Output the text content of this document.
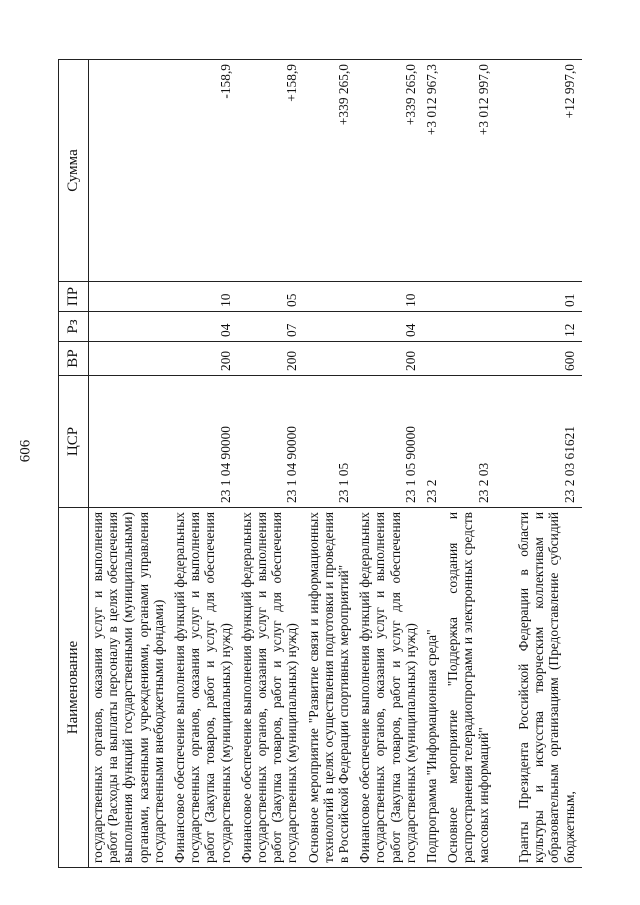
606
Наименование	ЦСР	ВР	Рз	ПР	Сумма
государственных органов, оказания услуг и выполнения работ (Расходы на выплаты персоналу в целях обеспечения выполнения функций государственными (муниципальными) органами, казенными учреждениями, органами управления государственными внебюджетными фондами)					
Финансовое обеспечение выполнения функций федеральных государственных органов, оказания услуг и выполнения работ (Закупка товаров, работ и услуг для обеспечения государственных (муниципальных) нужд)	23 1 04 90000	200	04	10	-158,9
Финансовое обеспечение выполнения функций федеральных государственных органов, оказания услуг и выполнения работ (Закупка товаров, работ и услуг для обеспечения государственных (муниципальных) нужд)	23 1 04 90000	200	07	05	+158,9
Основное мероприятие "Развитие связи и информационных технологий в целях осуществления подготовки и проведения в Российской Федерации спортивных мероприятий"	23 1 05				+339 265,0
Финансовое обеспечение выполнения функций федеральных государственных органов, оказания услуг и выполнения работ (Закупка товаров, работ и услуг для обеспечения государственных (муниципальных) нужд)	23 1 05 90000	200	04	10	+339 265,0
Подпрограмма "Информационная среда"	23 2				+3 012 967,3
Основное мероприятие "Поддержка создания и распространения телерадиопрограмм и электронных средств массовых информаций"	23 2 03				+3 012 997,0
Гранты Президента Российской Федерации в области культуры и искусства творческим коллективам и образовательным организациям (Предоставление субсидий бюджетным,	23 2 03 61621	600	12	01	+12 997,0
